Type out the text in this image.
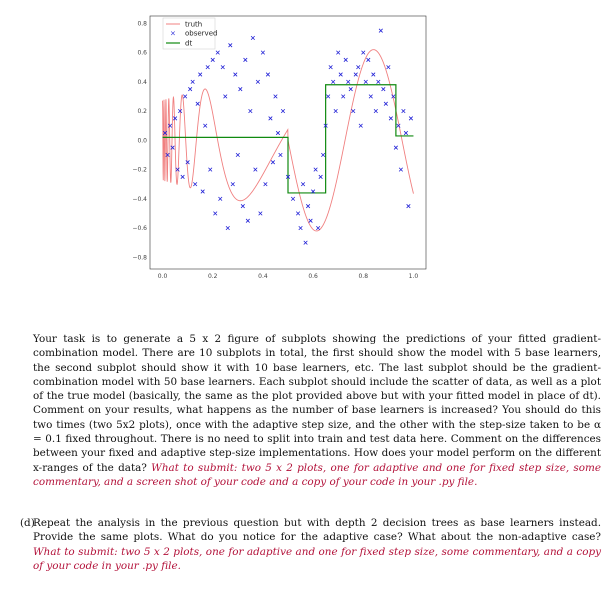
0.0	0.2	0.4	0.6	0.8	1.0
0.8
0.6
0.4
0.2
0.0
−0.2
−0.4
−0.6
−0.8
truth
× observed
dt

Your task is to generate a 5 x 2 figure of subplots showing the predictions of your fitted gradient-combination model. There are 10 subplots in total, the first should show the model with 5 base learners, the second subplot should show it with 10 base learners, etc. The last subplot should be the gradient-combination model with 50 base learners. Each subplot should include the scatter of data, as well as a plot of the true model (basically, the same as the plot provided above but with your fitted model in place of dt). Comment on your results, what happens as the number of base learners is increased? You should do this two times (two 5x2 plots), once with the adaptive step size, and the other with the step-size taken to be α = 0.1 fixed throughout. There is no need to split into train and test data here. Comment on the differences between your fixed and adaptive step-size implementations. How does your model perform on the different x-ranges of the data? What to submit: two 5 x 2 plots, one for adaptive and one for fixed step size, some commentary, and a screen shot of your code and a copy of your code in your .py file.

(d)

Repeat the analysis in the previous question but with depth 2 decision trees as base learners instead. Provide the same plots. What do you notice for the adaptive case? What about the non-adaptive case? What to submit: two 5 x 2 plots, one for adaptive and one for fixed step size, some commentary, and a copy of your code in your .py file.
